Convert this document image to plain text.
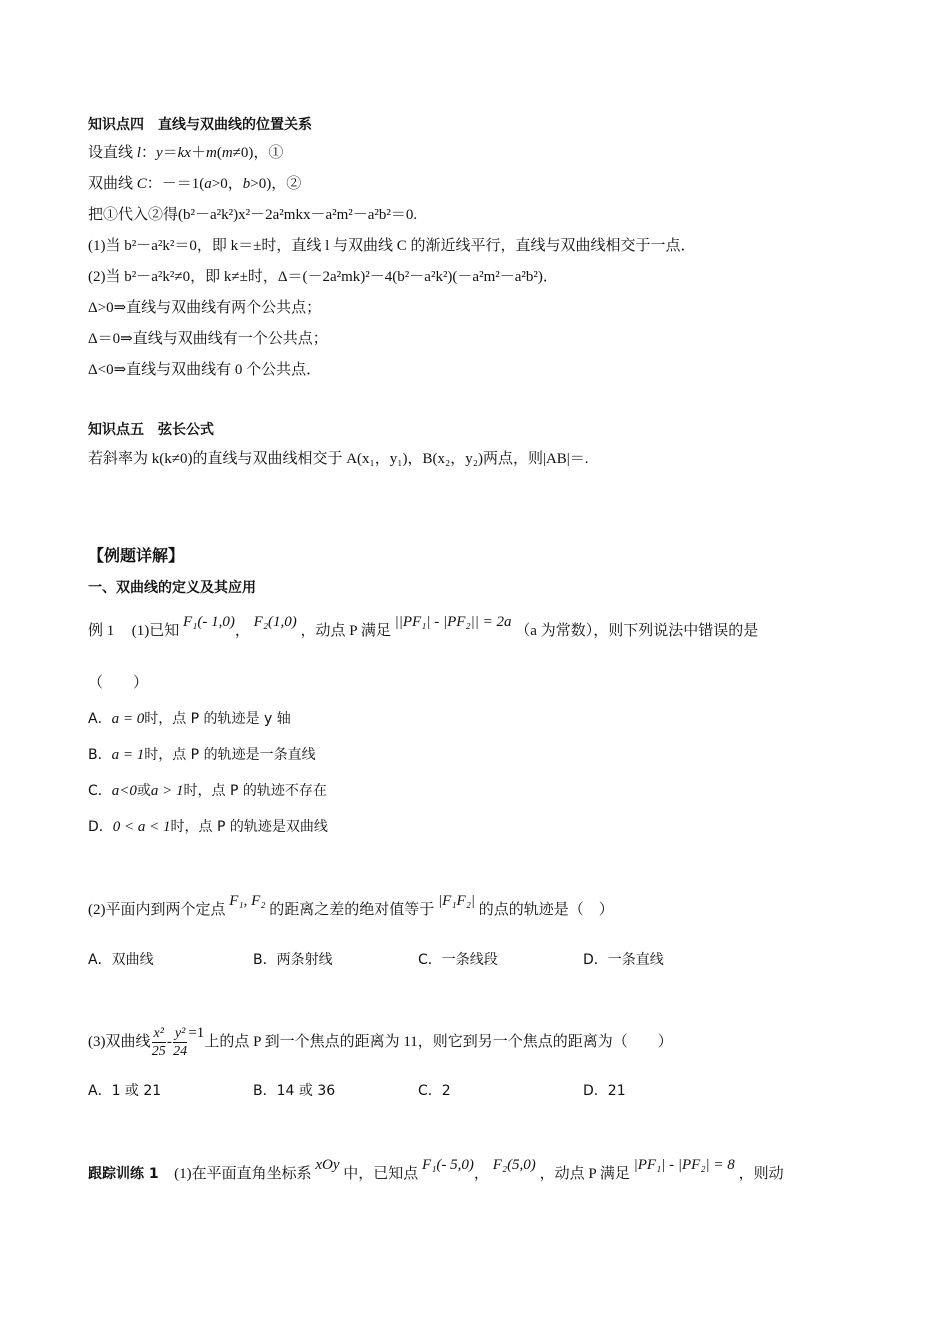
知识点四　直线与双曲线的位置关系
设直线 l：y＝kx＋m(m≠0)，①
双曲线 C：－＝1(a>0，b>0)，②
把①代入②得(b²－a²k²)x²－2a²mkx－a²m²－a²b²＝0.
(1)当 b²－a²k²＝0，即 k＝±时，直线 l 与双曲线 C 的渐近线平行，直线与双曲线相交于一点．
(2)当 b²－a²k²≠0，即 k≠±时，Δ＝(－2a²mk)²－4(b²－a²k²)(－a²m²－a²b²)．
Δ>0⇒直线与双曲线有两个公共点；
Δ＝0⇒直线与双曲线有一个公共点；
Δ<0⇒直线与双曲线有 0 个公共点．
知识点五　弦长公式
若斜率为 k(k≠0)的直线与双曲线相交于 A(x₁，y₁)，B(x₂，y₂)两点，则|AB|＝.
【例题详解】
一、双曲线的定义及其应用
例 1 (1)已知 F₁(- 1,0)， F₂(1,0) ，动点 P 满足 ||PF₁| - |PF₂|| = 2a （a 为常数），则下列说法中错误的是
（　　）
A．a = 0时，点 P 的轨迹是 y 轴
B．a = 1时，点 P 的轨迹是一条直线
C．a<0或a > 1时，点 P 的轨迹不存在
D．0 < a < 1时，点 P 的轨迹是双曲线
(2)平面内到两个定点 F₁, F₂ 的距离之差的绝对值等于 |F₁F₂| 的点的轨迹是（　）
A．双曲线	B．两条射线	C．一条线段	D．一条直线
(3)双曲线 $\frac{\text{x²}}{25} - \frac{\text{y²}}{24} =1$上的点 P 到一个焦点的距离为 11，则它到另一个焦点的距离为（　　）
A．1 或 21	B．14 或 36	C．2	D．21
跟踪训练 1 (1)在平面直角坐标系 xOy 中，已知点 F₁(- 5,0)， F₂(5,0) ，动点 P 满足 |PF₁| - |PF₂| = 8 ，则动
